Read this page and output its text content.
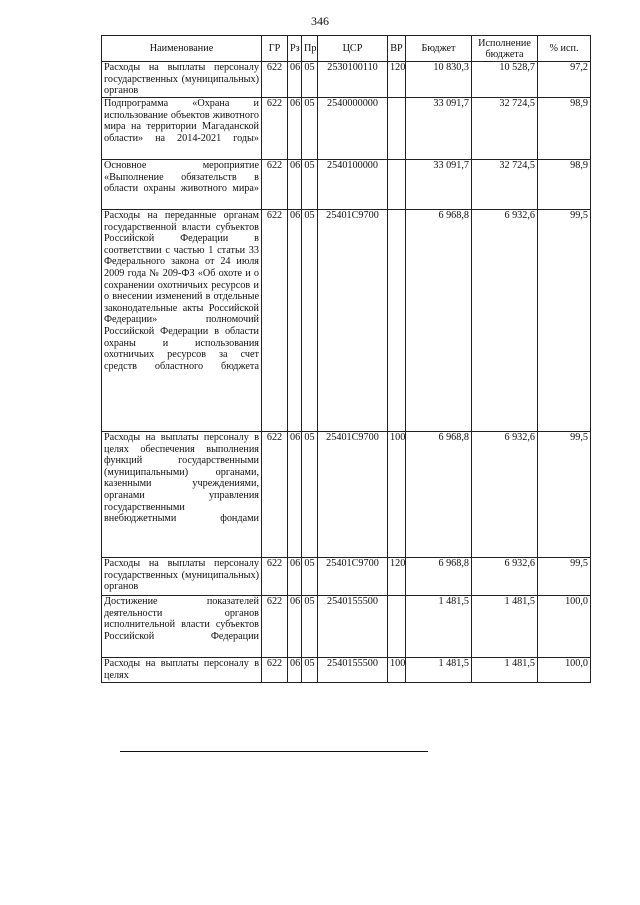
346
Наименование	ГР	Рз	Пр	ЦСР	ВР	Бюджет	Исполнение бюджета	% исп.
Расходы на выплаты персоналу государственных (муниципальных) органов	622	06	05	2530100110	120	10 830,3	10 528,7	97,2
Подпрограмма «Охрана и использование объектов животного мира на территории Магаданской области» на 2014-2021 годы»	622	06	05	2540000000		33 091,7	32 724,5	98,9
Основное мероприятие «Выполнение обязательств в области охраны животного мира»	622	06	05	2540100000		33 091,7	32 724,5	98,9
Расходы на переданные органам государственной власти субъектов Российской Федерации в соответствии с частью 1 статьи 33 Федерального закона от 24 июля 2009 года № 209-ФЗ «Об охоте и о сохранении охотничьих ресурсов и о внесении изменений в отдельные законодательные акты Российской Федерации» полномочий Российской Федерации в области охраны и использования охотничьих ресурсов за счет средств областного бюджета	622	06	05	25401С9700		6 968,8	6 932,6	99,5
Расходы на выплаты персоналу в целях обеспечения выполнения функций государственными (муниципальными) органами, казенными учреждениями, органами управления государственными внебюджетными фондами	622	06	05	25401С9700	100	6 968,8	6 932,6	99,5
Расходы на выплаты персоналу государственных (муниципальных) органов	622	06	05	25401С9700	120	6 968,8	6 932,6	99,5
Достижение показателей деятельности органов исполнительной власти субъектов Российской Федерации	622	06	05	2540155500		1 481,5	1 481,5	100,0
Расходы на выплаты персоналу в целях	622	06	05	2540155500	100	1 481,5	1 481,5	100,0
